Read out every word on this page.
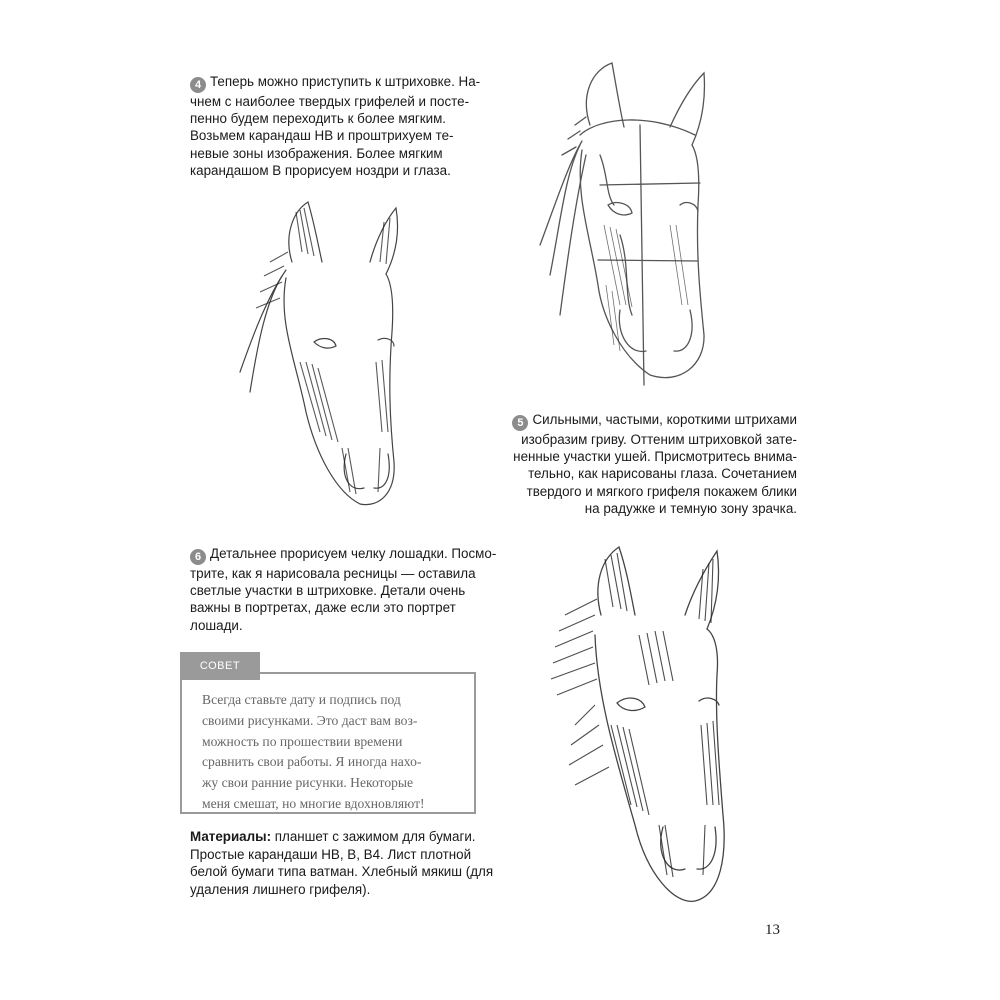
4 Теперь можно приступить к штриховке. На-
чнем с наиболее твердых грифелей и посте-
пенно будем переходить к более мягким.
Возьмем карандаш HB и проштрихуем те-
невые зоны изображения. Более мягким
карандашом B прорисуем ноздри и глаза.
5 Сильными, частыми, короткими штрихами
изобразим гриву. Оттеним штриховкой зате-
ненные участки ушей. Присмотритесь внима-
тельно, как нарисованы глаза. Сочетанием
твердого и мягкого грифеля покажем блики
на радужке и темную зону зрачка.
6 Детальнее прорисуем челку лошадки. Посмо-
трите, как я нарисовала ресницы — оставила
светлые участки в штриховке. Детали очень
важны в портретах, даже если это портрет
лошади.
Всегда ставьте дату и подпись под
своими рисунками. Это даст вам воз-
можность по прошествии времени
сравнить свои работы. Я иногда нахо-
жу свои ранние рисунки. Некоторые
меня смешат, но многие вдохновляют!
СОВЕТ
Материалы: планшет с зажимом для бумаги.
Простые карандаши HB, B, B4. Лист плотной
белой бумаги типа ватман. Хлебный мякиш (для
удаления лишнего грифеля).
13
